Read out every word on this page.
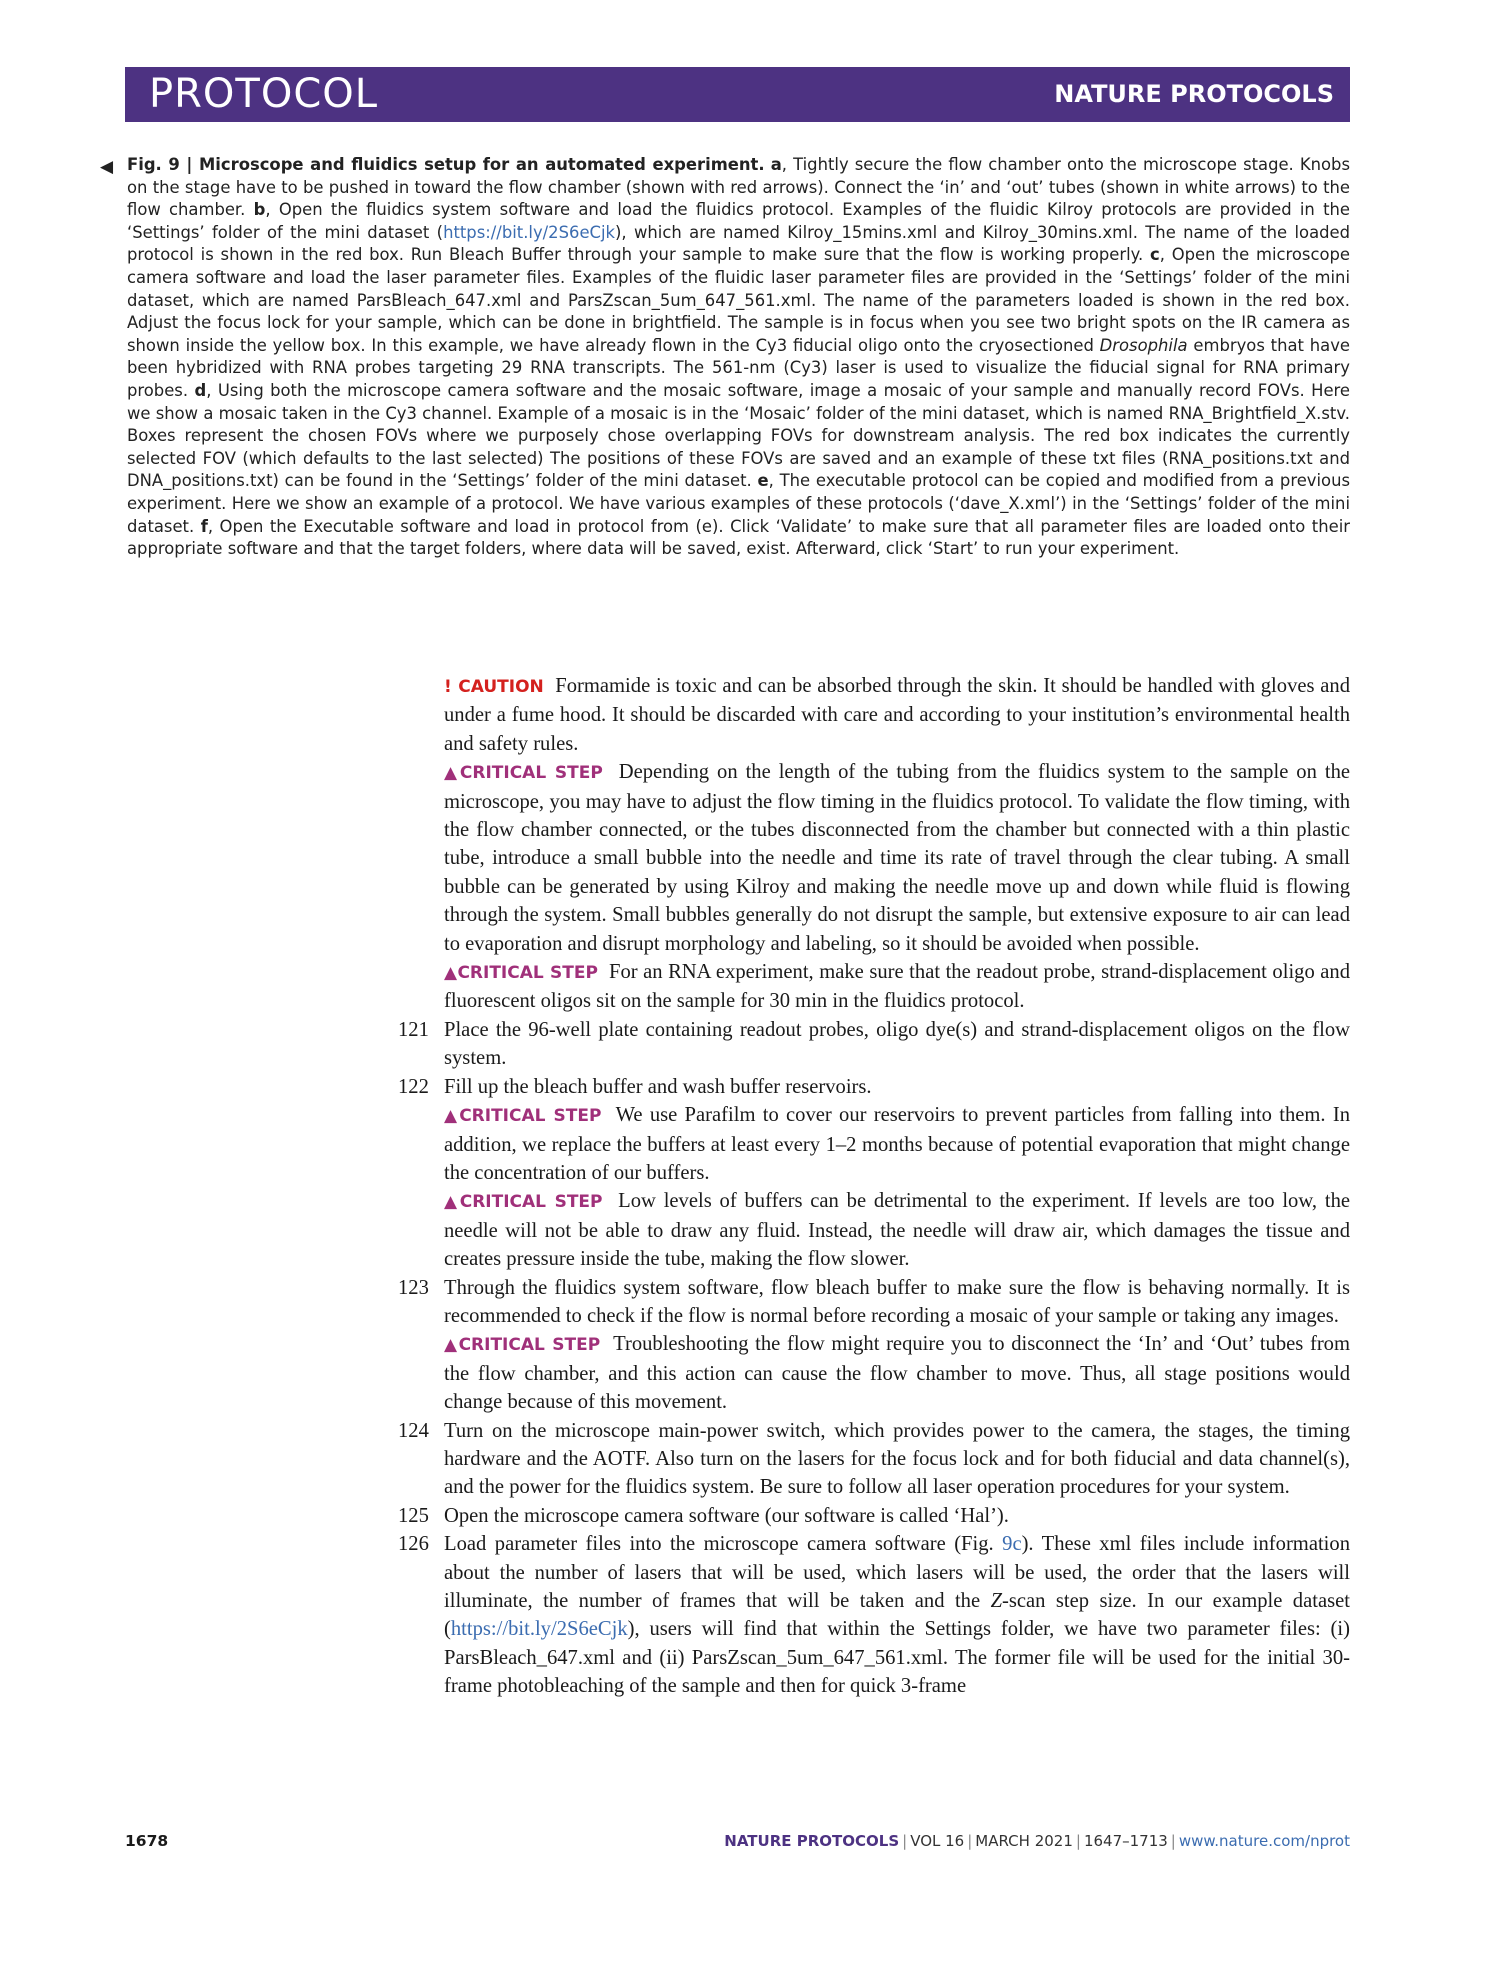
PROTOCOL	NATURE PROTOCOLS
◀ Fig. 9 | Microscope and fluidics setup for an automated experiment. a, Tightly secure the flow chamber onto the microscope stage. Knobs on the stage have to be pushed in toward the flow chamber (shown with red arrows). Connect the ‘in’ and ‘out’ tubes (shown in white arrows) to the flow chamber. b, Open the fluidics system software and load the fluidics protocol. Examples of the fluidic Kilroy protocols are provided in the ‘Settings’ folder of the mini dataset (https://bit.ly/2S6eCjk), which are named Kilroy_15mins.xml and Kilroy_30mins.xml. The name of the loaded protocol is shown in the red box. Run Bleach Buffer through your sample to make sure that the flow is working properly. c, Open the microscope camera software and load the laser parameter files. Examples of the fluidic laser parameter files are provided in the ‘Settings’ folder of the mini dataset, which are named ParsBleach_647.xml and ParsZscan_5um_647_561.xml. The name of the parameters loaded is shown in the red box. Adjust the focus lock for your sample, which can be done in brightfield. The sample is in focus when you see two bright spots on the IR camera as shown inside the yellow box. In this example, we have already flown in the Cy3 fiducial oligo onto the cryosectioned Drosophila embryos that have been hybridized with RNA probes targeting 29 RNA transcripts. The 561-nm (Cy3) laser is used to visualize the fiducial signal for RNA primary probes. d, Using both the microscope camera software and the mosaic software, image a mosaic of your sample and manually record FOVs. Here we show a mosaic taken in the Cy3 channel. Example of a mosaic is in the ‘Mosaic’ folder of the mini dataset, which is named RNA_Brightfield_X.stv. Boxes represent the chosen FOVs where we purposely chose overlapping FOVs for downstream analysis. The red box indicates the currently selected FOV (which defaults to the last selected) The positions of these FOVs are saved and an example of these txt files (RNA_positions.txt and DNA_positions.txt) can be found in the ‘Settings’ folder of the mini dataset. e, The executable protocol can be copied and modified from a previous experiment. Here we show an example of a protocol. We have various examples of these protocols (‘dave_X.xml’) in the ‘Settings’ folder of the mini dataset. f, Open the Executable software and load in protocol from (e). Click ‘Validate’ to make sure that all parameter files are loaded onto their appropriate software and that the target folders, where data will be saved, exist. Afterward, click ‘Start’ to run your experiment.

! CAUTION Formamide is toxic and can be absorbed through the skin. It should be handled with gloves and under a fume hood. It should be discarded with care and according to your institution’s environmental health and safety rules.

▲CRITICAL STEP Depending on the length of the tubing from the fluidics system to the sample on the microscope, you may have to adjust the flow timing in the fluidics protocol. To validate the flow timing, with the flow chamber connected, or the tubes disconnected from the chamber but connected with a thin plastic tube, introduce a small bubble into the needle and time its rate of travel through the clear tubing. A small bubble can be generated by using Kilroy and making the needle move up and down while fluid is flowing through the system. Small bubbles generally do not disrupt the sample, but extensive exposure to air can lead to evaporation and disrupt morphology and labeling, so it should be avoided when possible.

▲CRITICAL STEP For an RNA experiment, make sure that the readout probe, strand-displacement oligo and fluorescent oligos sit on the sample for 30 min in the fluidics protocol.

121 Place the 96-well plate containing readout probes, oligo dye(s) and strand-displacement oligos on the flow system.

122 Fill up the bleach buffer and wash buffer reservoirs.

▲CRITICAL STEP We use Parafilm to cover our reservoirs to prevent particles from falling into them. In addition, we replace the buffers at least every 1–2 months because of potential evaporation that might change the concentration of our buffers.

▲CRITICAL STEP Low levels of buffers can be detrimental to the experiment. If levels are too low, the needle will not be able to draw any fluid. Instead, the needle will draw air, which damages the tissue and creates pressure inside the tube, making the flow slower.

123 Through the fluidics system software, flow bleach buffer to make sure the flow is behaving normally. It is recommended to check if the flow is normal before recording a mosaic of your sample or taking any images.

▲CRITICAL STEP Troubleshooting the flow might require you to disconnect the ‘In’ and ‘Out’ tubes from the flow chamber, and this action can cause the flow chamber to move. Thus, all stage positions would change because of this movement.

124 Turn on the microscope main-power switch, which provides power to the camera, the stages, the timing hardware and the AOTF. Also turn on the lasers for the focus lock and for both fiducial and data channel(s), and the power for the fluidics system. Be sure to follow all laser operation procedures for your system.

125 Open the microscope camera software (our software is called ‘Hal’).

126 Load parameter files into the microscope camera software (Fig. 9c). These xml files include information about the number of lasers that will be used, which lasers will be used, the order that the lasers will illuminate, the number of frames that will be taken and the Z-scan step size. In our example dataset (https://bit.ly/2S6eCjk), users will find that within the Settings folder, we have two parameter files: (i) ParsBleach_647.xml and (ii) ParsZscan_5um_647_561.xml. The former file will be used for the initial 30-frame photobleaching of the sample and then for quick 3-frame

1678	NATURE PROTOCOLS | VOL 16 | MARCH 2021 | 1647–1713 | www.nature.com/nprot
